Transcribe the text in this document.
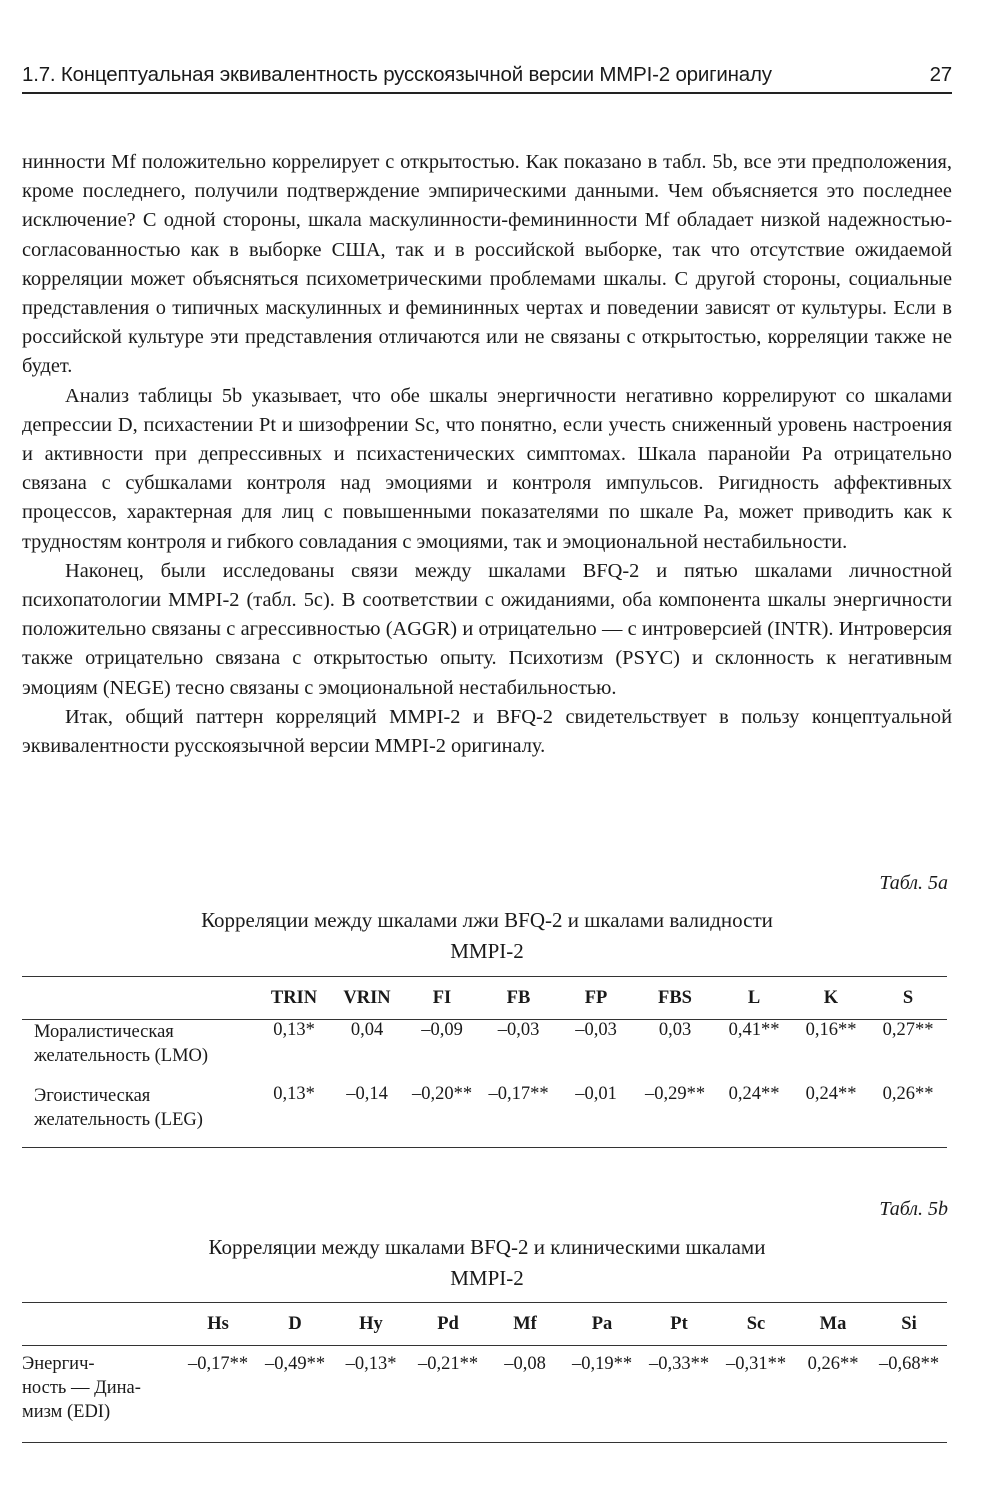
1.7. Концептуальная эквивалентность русскоязычной версии MMPI-2 оригиналу	27

нинности Mf положительно коррелирует с открытостью. Как показано в табл. 5b, все эти предположения, кроме последнего, получили подтверждение эмпирическими данными. Чем объясняется это последнее исключение? С одной стороны, шкала маскулинности-фемининности Mf обладает низкой надежностью-согласованностью как в выборке США, так и в российской выборке, так что отсутствие ожидаемой корреляции может объясняться психометрическими проблемами шкалы. С другой стороны, социальные представления о типичных маскулинных и фемининных чертах и поведении зависят от культуры. Если в российской культуре эти представления отличаются или не связаны с открытостью, корреляции также не будет.

Анализ таблицы 5b указывает, что обе шкалы энергичности негативно коррелируют со шкалами депрессии D, психастении Pt и шизофрении Sc, что понятно, если учесть сниженный уровень настроения и активности при депрессивных и психастенических симптомах. Шкала паранойи Pa отрицательно связана с субшкалами контроля над эмоциями и контроля импульсов. Ригидность аффективных процессов, характерная для лиц с повышенными показателями по шкале Pa, может приводить как к трудностям контроля и гибкого совладания с эмоциями, так и эмоциональной нестабильности.

Наконец, были исследованы связи между шкалами BFQ-2 и пятью шкалами личностной психопатологии MMPI-2 (табл. 5c). В соответствии с ожиданиями, оба компонента шкалы энергичности положительно связаны с агрессивностью (AGGR) и отрицательно — с интроверсией (INTR). Интроверсия также отрицательно связана с открытостью опыту. Психотизм (PSYC) и склонность к негативным эмоциям (NEGE) тесно связаны с эмоциональной нестабильностью.

Итак, общий паттерн корреляций MMPI-2 и BFQ-2 свидетельствует в пользу концептуальной эквивалентности русскоязычной версии MMPI-2 оригиналу.

Табл. 5а
Корреляции между шкалами лжи BFQ-2 и шкалами валидности
MMPI-2
	TRIN	VRIN	FI	FB	FP	FBS	L	K	S

Моралистическая
желательность (LMO)	0,13*	0,04	–0,09	–0,03	–0,03	0,03	0,41**	0,16**	0,27**

Эгоистическая
желательность (LEG)	0,13*	–0,14	–0,20**	–0,17**	–0,01	–0,29**	0,24**	0,24**	0,26**
Табл. 5b
Корреляции между шкалами BFQ-2 и клиническими шкалами
MMPI-2
	Hs	D	Hy	Pd	Mf	Pa	Pt	Sc	Ma	Si

Энергич-
ность — Дина-
мизм (EDI)	–0,17**	–0,49**	–0,13*	–0,21**	–0,08	–0,19**	–0,33**	–0,31**	0,26**	–0,68**
